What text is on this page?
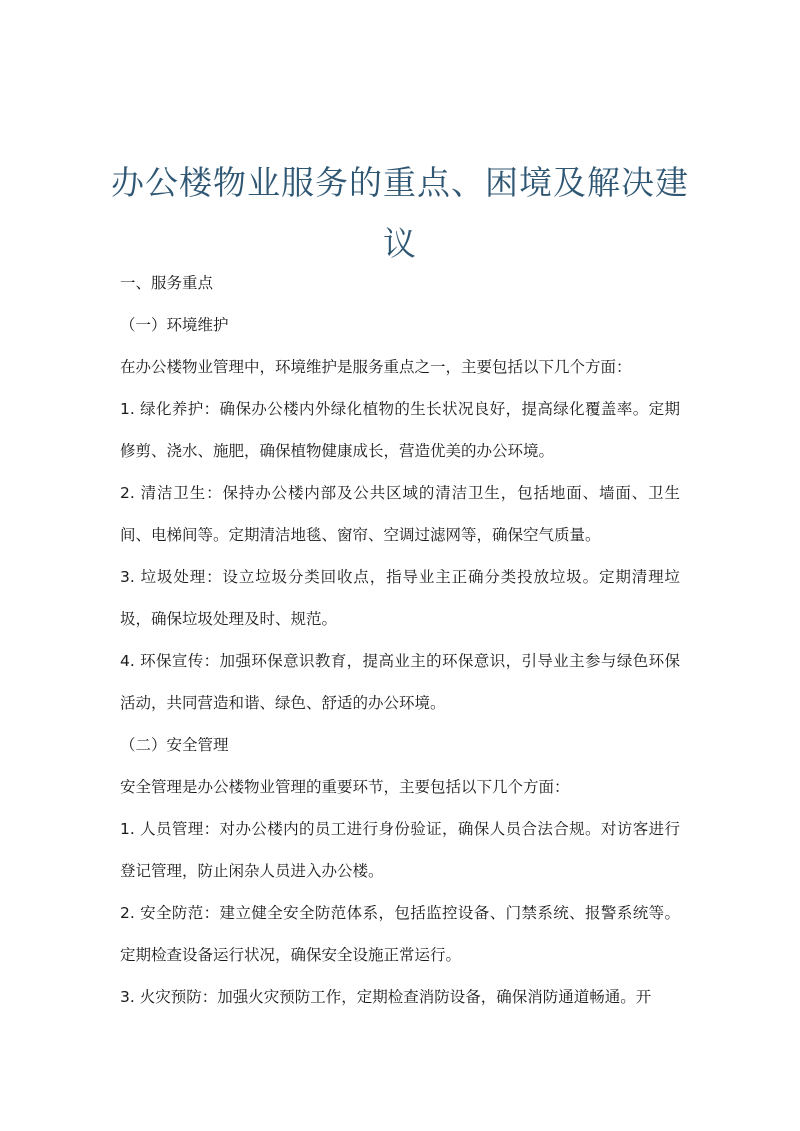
办公楼物业服务的重点、困境及解决建议

一、服务重点

（一）环境维护

在办公楼物业管理中，环境维护是服务重点之一，主要包括以下几个方面：

1. 绿化养护：确保办公楼内外绿化植物的生长状况良好，提高绿化覆盖率。定期修剪、浇水、施肥，确保植物健康成长，营造优美的办公环境。

2. 清洁卫生：保持办公楼内部及公共区域的清洁卫生，包括地面、墙面、卫生间、电梯间等。定期清洁地毯、窗帘、空调过滤网等，确保空气质量。

3. 垃圾处理：设立垃圾分类回收点，指导业主正确分类投放垃圾。定期清理垃圾，确保垃圾处理及时、规范。

4. 环保宣传：加强环保意识教育，提高业主的环保意识，引导业主参与绿色环保活动，共同营造和谐、绿色、舒适的办公环境。

（二）安全管理

安全管理是办公楼物业管理的重要环节，主要包括以下几个方面：

1. 人员管理：对办公楼内的员工进行身份验证，确保人员合法合规。对访客进行登记管理，防止闲杂人员进入办公楼。

2. 安全防范：建立健全安全防范体系，包括监控设备、门禁系统、报警系统等。定期检查设备运行状况，确保安全设施正常运行。

3. 火灾预防：加强火灾预防工作，定期检查消防设备，确保消防通道畅通。开
